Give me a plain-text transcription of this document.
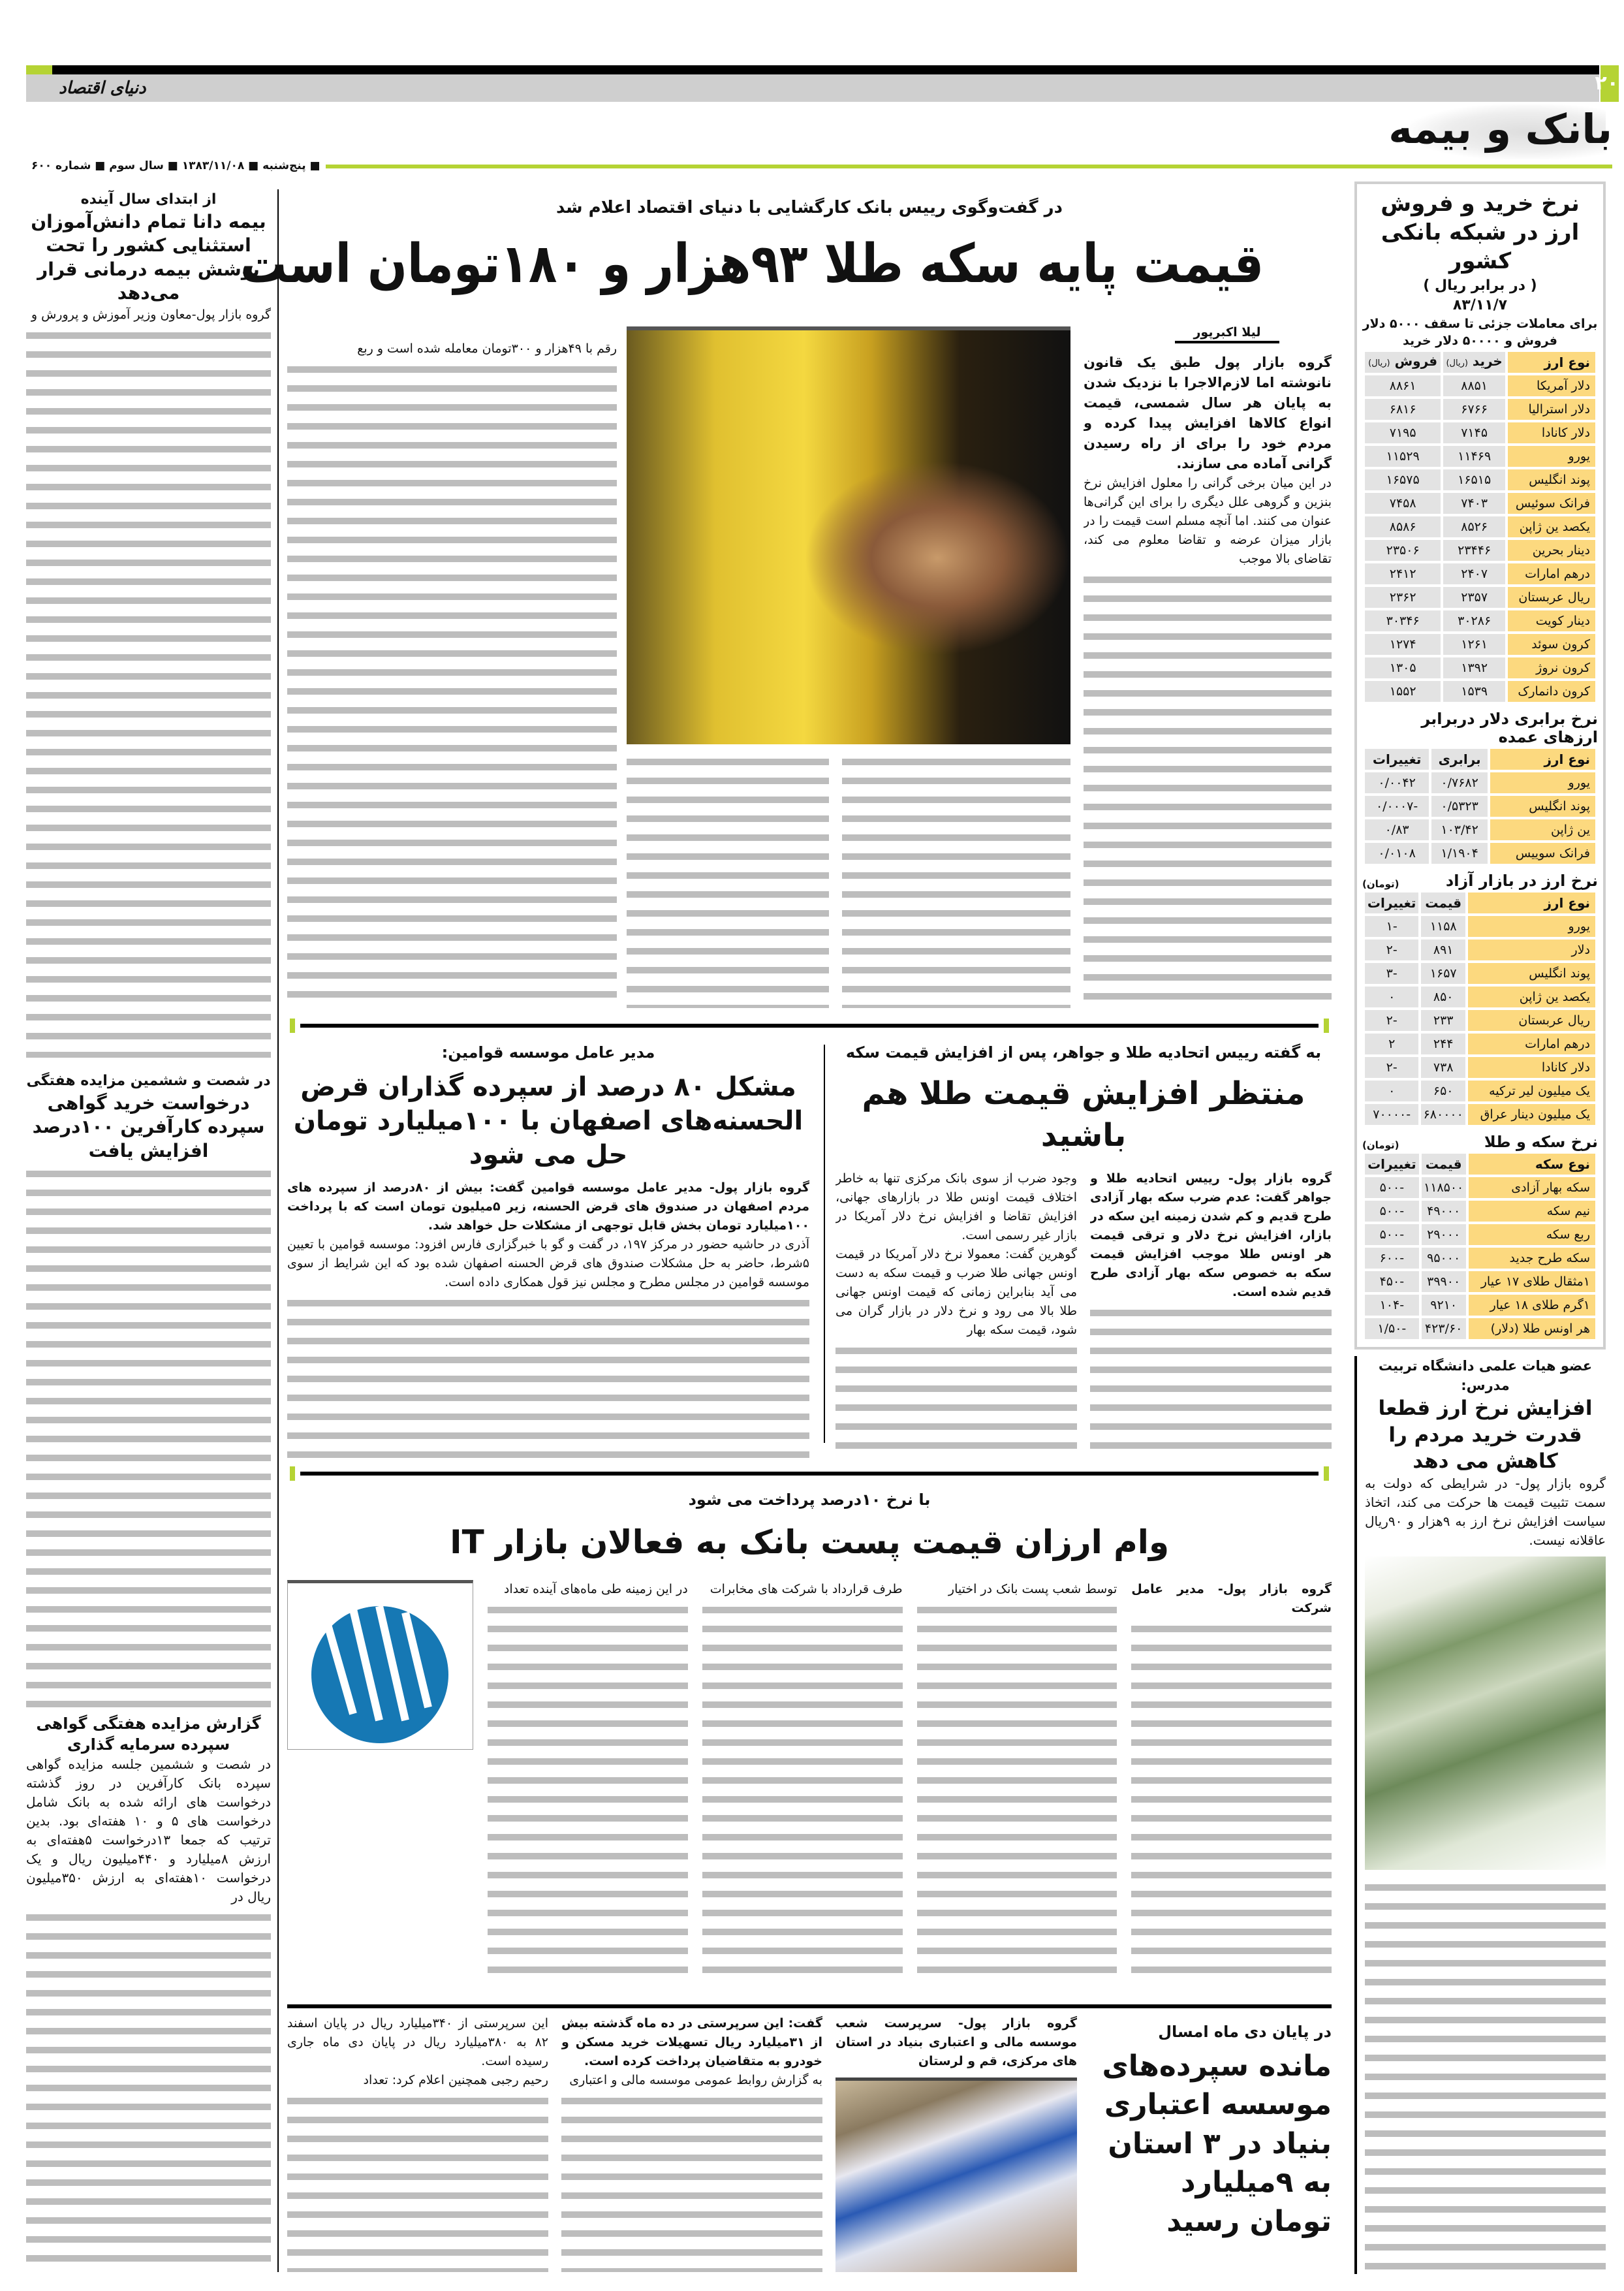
۲۰
دنیای اقتصاد
بانک و بیمه
■ پنج‌شنبه ■ ۱۳۸۳/۱۱/۰۸ ■ سال سوم ■ شماره ۶۰۰
نرخ خرید و فروش ارز در شبکه بانکی کشور
( در برابر ریال )
۸۳/۱۱/۷
برای معاملات جزئی تا سقف ۵۰۰۰ دلار فروش و ۵۰۰۰۰ دلار خرید
نوع ارز	خرید (ریال)	فروش (ریال)
دلار آمریکا	۸۸۵۱	۸۸۶۱
دلار استرالیا	۶۷۶۶	۶۸۱۶
دلار کانادا	۷۱۴۵	۷۱۹۵
یورو	۱۱۴۶۹	۱۱۵۲۹
پوند انگلیس	۱۶۵۱۵	۱۶۵۷۵
فرانک سوئیس	۷۴۰۳	۷۴۵۸
یکصد ین ژاپن	۸۵۲۶	۸۵۸۶
دینار بحرین	۲۳۴۴۶	۲۳۵۰۶
درهم امارات	۲۴۰۷	۲۴۱۲
ریال عربستان	۲۳۵۷	۲۳۶۲
دینار کویت	۳۰۲۸۶	۳۰۳۴۶
کرون سوئد	۱۲۶۱	۱۲۷۴
کرون نروژ	۱۳۹۲	۱۳۰۵
کرون دانمارک	۱۵۳۹	۱۵۵۲
نرخ برابری دلار دربرابر ارزهای عمده
نوع ارز	برابری	تغییرات
یورو	۰/۷۶۸۲	۰/۰۰۴۲
پوند انگلیس	۰/۵۳۲۳	-۰/۰۰۰۷
ین ژاپن	۱۰۳/۴۲	۰/۸۳
فرانک سوییس	۱/۱۹۰۴	۰/۰۱۰۸
نرخ ارز در بازار آزاد
(تومان)
نوع ارز	قیمت	تغییرات
یورو	۱۱۵۸	-۱
دلار	۸۹۱	-۲
پوند انگلیس	۱۶۵۷	-۳
یکصد ین ژاپن	۸۵۰	۰
ریال عربستان	۲۳۳	-۲
درهم امارات	۲۴۴	۲
دلار کانادا	۷۳۸	-۲
یک میلیون لیر ترکیه	۶۵۰	۰
یک میلیون دینار عراق	۶۸۰۰۰۰	-۷۰۰۰۰
نرخ سکه و طلا
(تومان)
نوع سکه	قیمت	تغییرات
سکه بهار آزادی	۱۱۸۵۰۰	-۵۰۰
نیم سکه	۴۹۰۰۰	-۵۰۰
ربع سکه	۲۹۰۰۰	-۵۰۰
سکه طرح جدید	۹۵۰۰۰	-۶۰۰
۱مثقال طلای ۱۷ عیار	۳۹۹۰۰	-۴۵۰
۱گرم طلای ۱۸ عیار	۹۲۱۰	-۱۰۴
هر اونس طلا (دلار)	۴۲۳/۶۰	-۱/۵۰
عضو هیات علمی دانشگاه تربیت مدرس:
افزایش نرخ ارز قطعا قدرت خرید مردم را کاهش می دهد
گروه بازار پول- در شرایطی که دولت به سمت تثبیت قیمت ها حرکت می کند، اتخاذ سیاست افزایش نرخ ارز به ۹هزار و ۹۰ریال عاقلانه نیست.
از ابتدای سال آینده
بیمه دانا تمام دانش‌آموزان استثنایی کشور را تحت پوشش بیمه درمانی قرار می‌دهد
گروه بازار پول-معاون وزیر آموزش و پرورش و
در شصت و ششمین مزایده هفتگی
درخواست خرید گواهی سپرده کارآفرین ۱۰۰درصد افزایش یافت
گزارش مزایده هفتگی گواهی سپرده سرمایه گذاری
در شصت و ششمین جلسه مزایده گواهی سپرده بانک کارآفرین در روز گذشته درخواست های ارائه شده به بانک شامل درخواست های ۵ و ۱۰ هفته‌ای بود. بدین ترتیب که جمعا ۱۳درخواست ۵هفته‌ای به ارزش ۸میلیارد و ۴۴۰میلیون ریال و یک درخواست ۱۰هفته‌ای به ارزش ۳۵۰میلیون ریال در
در گفت‌وگوی رییس بانک کارگشایی با دنیای اقتصاد اعلام شد
قیمت پایه سکه طلا ۹۳هزار و ۱۸۰تومان است
لیلا اکبرپور
گروه بازار پول طبق یک قانون نانوشته اما لازم‌الاجرا با نزدیک شدن به پایان هر سال شمسی، قیمت انواع کالاها افزایش پیدا کرده و مردم خود را برای از راه رسیدن گرانی آماده می سازند.
در این میان برخی گرانی را معلول افزایش نرخ بنزین و گروهی علل دیگری را برای این گرانی‌ها عنوان می کنند. اما آنچه مسلم است قیمت را در بازار میزان عرضه و تقاضا معلوم می کند، تقاضای بالا موجب
رقم با ۴۹هزار و ۳۰۰تومان معامله شده است و ربع
به گفته رییس اتحادیه طلا و جواهر، پس از افزایش قیمت سکه
منتظر افزایش قیمت طلا هم باشید
گروه بازار پول- رییس اتحادیه طلا و جواهر گفت: عدم ضرب سکه بهار آزادی طرح قدیم و کم شدن زمینه این سکه در بازار، افزایش نرخ دلار و ترقی قیمت هر اونس طلا موجب افزایش قیمت سکه به خصوص سکه بهار آزادی طرح قدیم شده است.
وجود ضرب از سوی بانک مرکزی تنها به خاطر اختلاف قیمت اونس طلا در بازارهای جهانی، افزایش تقاضا و افزایش نرخ دلار آمریکا در بازار غیر رسمی است.
گوهرین گفت: معمولا نرخ دلار آمریکا در قیمت اونس جهانی طلا ضرب و قیمت سکه به دست می آید بنابراین زمانی که قیمت اونس جهانی طلا بالا می رود و نرخ دلار در بازار گران می شود، قیمت سکه بهار
مدیر عامل موسسه قوامین:
مشکل ۸۰ درصد از سپرده گذاران قرض الحسنه‌های اصفهان با ۱۰۰میلیارد تومان حل می شود
گروه بازار پول- مدیر عامل موسسه قوامین گفت: بیش از ۸۰درصد از سپرده های مردم اصفهان در صندوق های قرض الحسنه، زیر ۵میلیون تومان است که با پرداخت ۱۰۰میلیارد تومان بخش قابل توجهی از مشکلات حل خواهد شد.
آذری در حاشیه حضور در مرکز ۱۹۷، در گفت و گو با خبرگزاری فارس افزود: موسسه قوامین با تعیین ۵شرط، حاضر به حل مشکلات صندوق های قرض الحسنه اصفهان شده بود که این شرایط از سوی موسسه قوامین در مجلس مطرح و مجلس نیز قول همکاری داده است.
با نرخ ۱۰درصد پرداخت می شود
وام ارزان قیمت پست بانک به فعالان بازار IT
گروه بازار پول- مدیر عامل شرکت
توسط شعب پست بانک در اختیار
طرف قرارداد با شرکت های مخابرات
در این زمینه طی ماه‌های آینده تعداد
در پایان دی ماه امسال
مانده سپرده‌های موسسه اعتباری بنیاد در ۳ استان به ۹میلیارد تومان رسید
گروه بازار پول- سرپرست شعب موسسه مالی و اعتباری بنیاد در استان های مرکزی، قم و لرستان
گفت: این سرپرستی در ده ماه گذشته بیش از ۳۱میلیارد ریال تسهیلات خرید مسکن و خودرو به متقاضیان پرداخت کرده است.
به گزارش روابط عمومی موسسه مالی و اعتباری
این سرپرستی از ۳۴۰میلیارد ریال در پایان اسفند ۸۲ به ۳۸۰میلیارد ریال در پایان دی ماه جاری رسیده است.
رحیم رجبی همچنین اعلام کرد: تعداد
